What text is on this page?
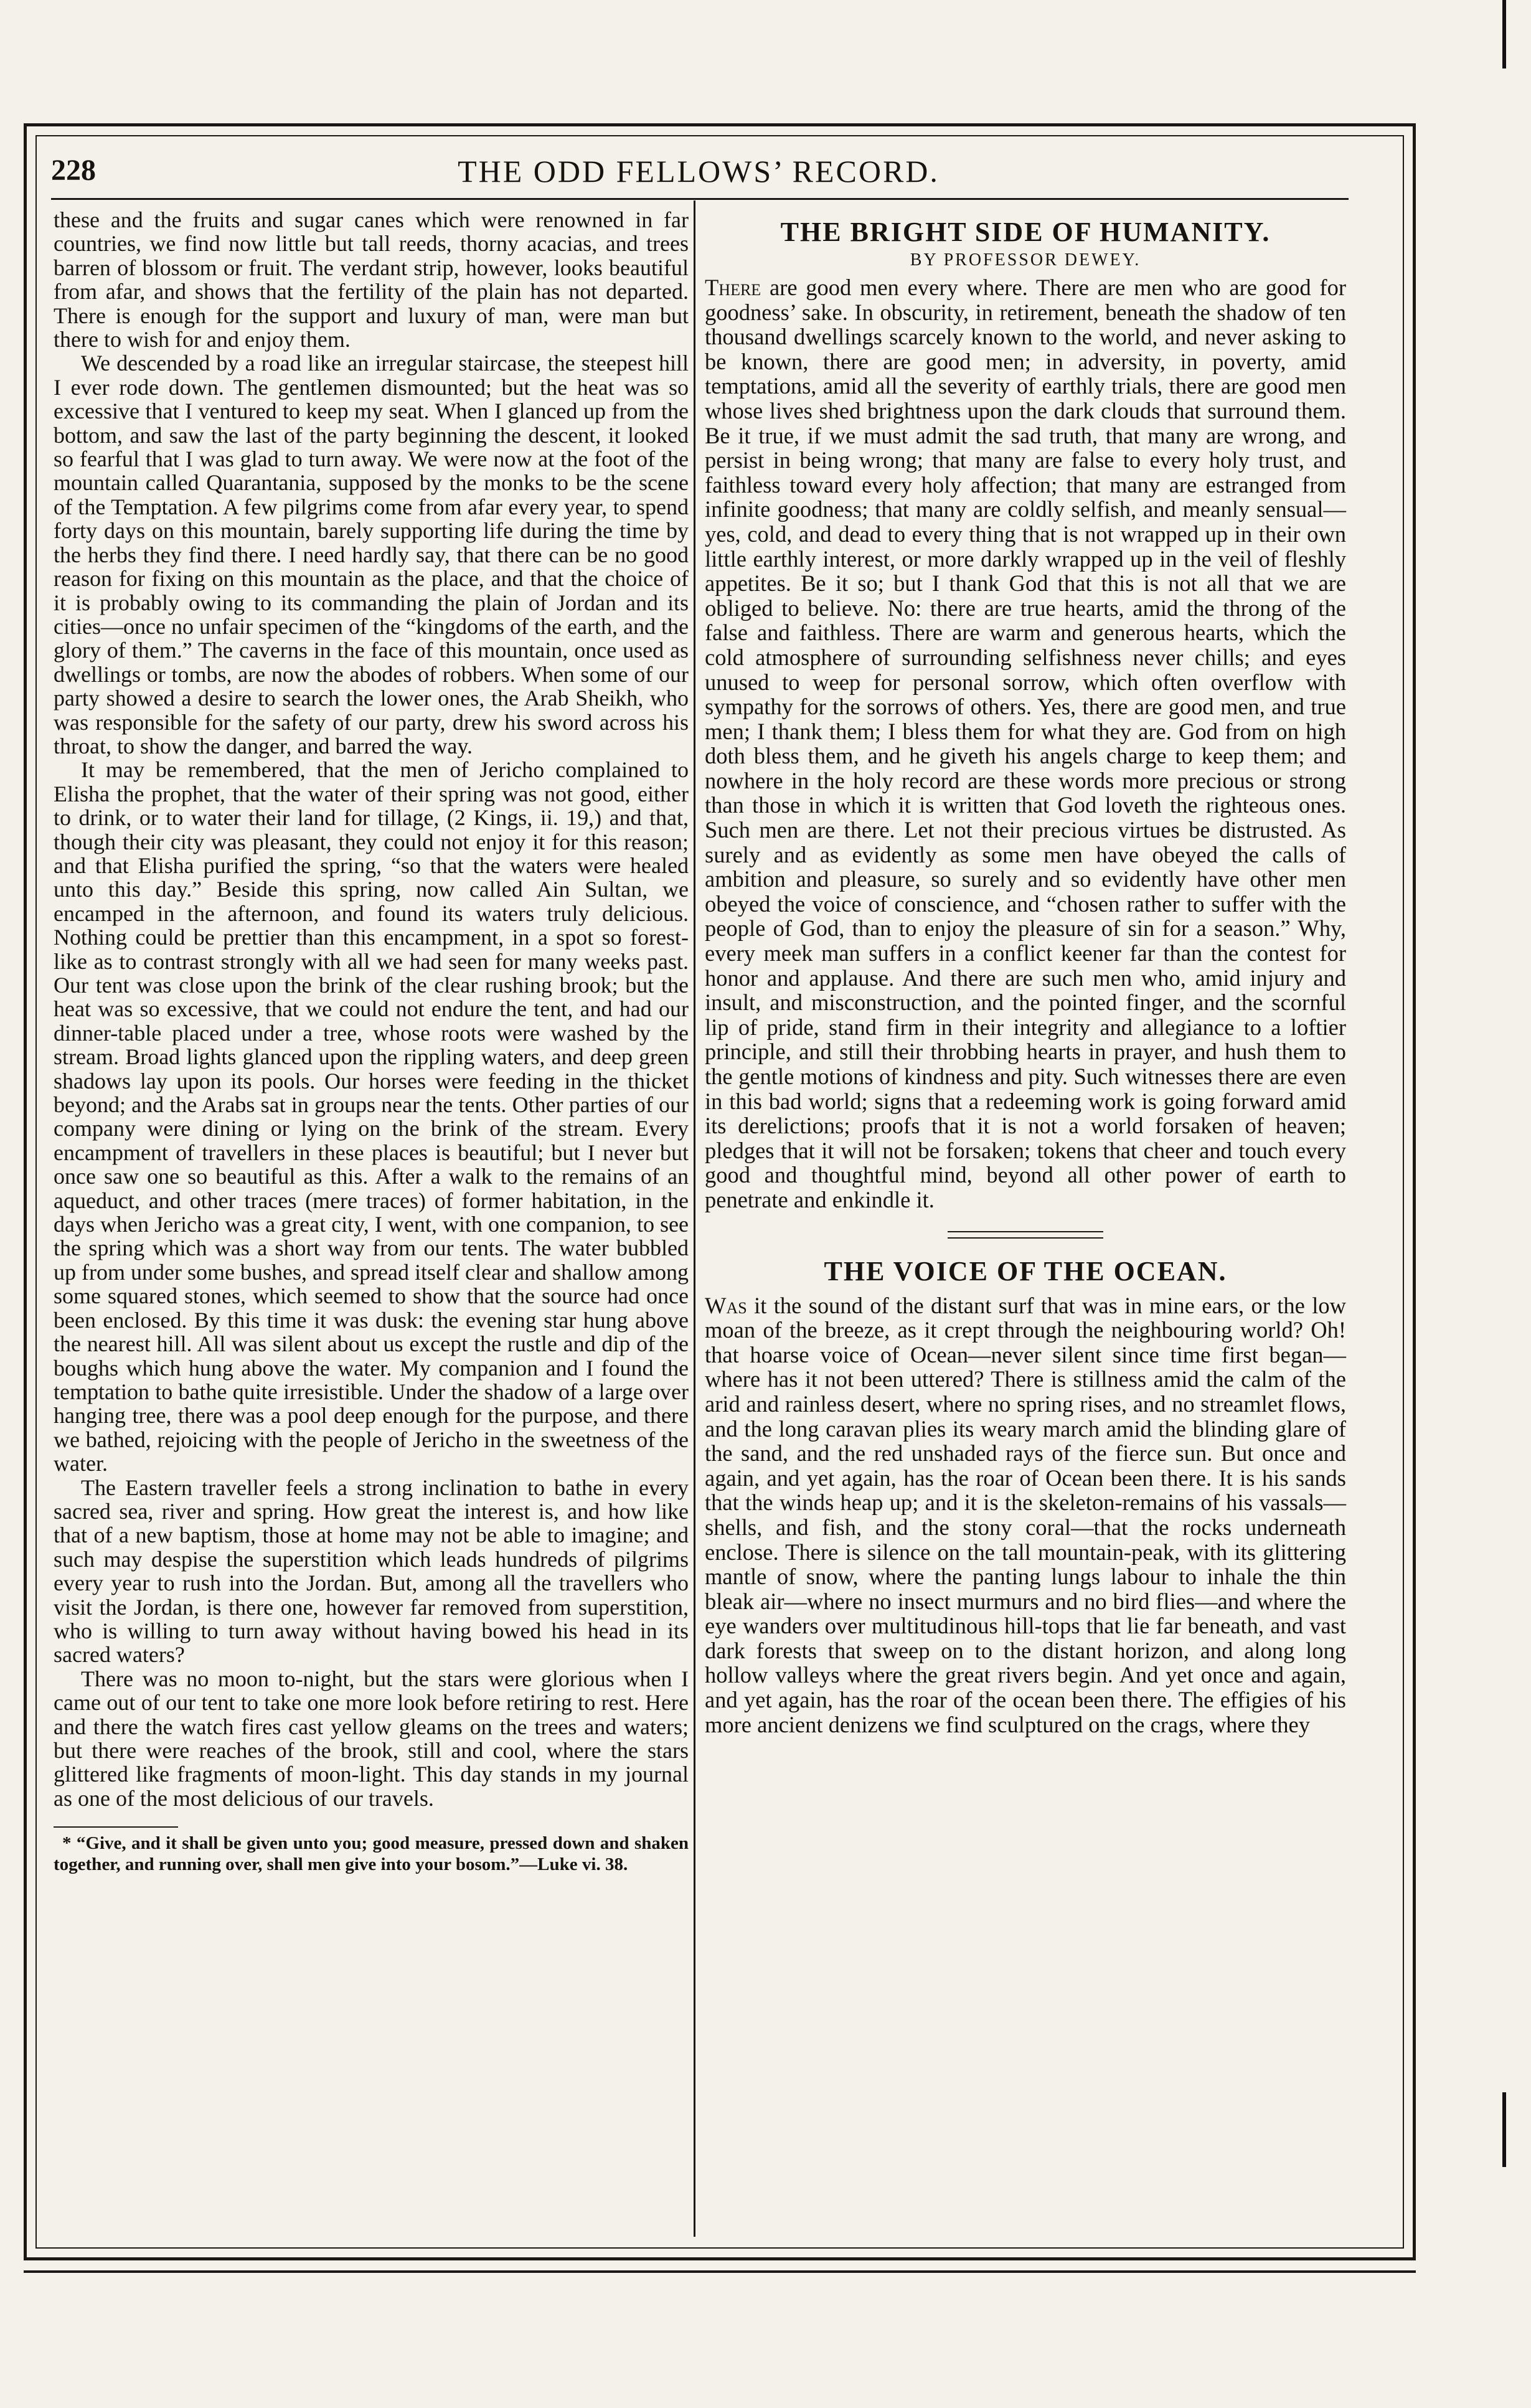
228	THE ODD FELLOWS’ RECORD.

these and the fruits and sugar canes which were renowned in far countries, we find now little but tall reeds, thorny acacias, and trees barren of blossom or fruit. The verdant strip, however, looks beautiful from afar, and shows that the fertility of the plain has not departed. There is enough for the support and luxury of man, were man but there to wish for and enjoy them.

We descended by a road like an irregular staircase, the steepest hill I ever rode down. The gentlemen dismounted; but the heat was so excessive that I ventured to keep my seat. When I glanced up from the bottom, and saw the last of the party beginning the descent, it looked so fearful that I was glad to turn away. We were now at the foot of the mountain called Quarantania, supposed by the monks to be the scene of the Temptation. A few pilgrims come from afar every year, to spend forty days on this mountain, barely supporting life during the time by the herbs they find there. I need hardly say, that there can be no good reason for fixing on this mountain as the place, and that the choice of it is probably owing to its commanding the plain of Jordan and its cities—once no unfair specimen of the “kingdoms of the earth, and the glory of them.” The caverns in the face of this mountain, once used as dwellings or tombs, are now the abodes of robbers. When some of our party showed a desire to search the lower ones, the Arab Sheikh, who was responsible for the safety of our party, drew his sword across his throat, to show the danger, and barred the way.

It may be remembered, that the men of Jericho complained to Elisha the prophet, that the water of their spring was not good, either to drink, or to water their land for tillage, (2 Kings, ii. 19,) and that, though their city was pleasant, they could not enjoy it for this reason; and that Elisha purified the spring, “so that the waters were healed unto this day.” Beside this spring, now called Ain Sultan, we encamped in the afternoon, and found its waters truly delicious. Nothing could be prettier than this encampment, in a spot so forest-like as to contrast strongly with all we had seen for many weeks past. Our tent was close upon the brink of the clear rushing brook; but the heat was so excessive, that we could not endure the tent, and had our dinner-table placed under a tree, whose roots were washed by the stream. Broad lights glanced upon the rippling waters, and deep green shadows lay upon its pools. Our horses were feeding in the thicket beyond; and the Arabs sat in groups near the tents. Other parties of our company were dining or lying on the brink of the stream. Every encampment of travellers in these places is beautiful; but I never but once saw one so beautiful as this. After a walk to the remains of an aqueduct, and other traces (mere traces) of former habitation, in the days when Jericho was a great city, I went, with one companion, to see the spring which was a short way from our tents. The water bubbled up from under some bushes, and spread itself clear and shallow among some squared stones, which seemed to show that the source had once been enclosed. By this time it was dusk: the evening star hung above the nearest hill. All was silent about us except the rustle and dip of the boughs which hung above the water. My companion and I found the temptation to bathe quite irresistible. Under the shadow of a large over hanging tree, there was a pool deep enough for the purpose, and there we bathed, rejoicing with the people of Jericho in the sweetness of the water.

The Eastern traveller feels a strong inclination to bathe in every sacred sea, river and spring. How great the interest is, and how like that of a new baptism, those at home may not be able to imagine; and such may despise the superstition which leads hundreds of pilgrims every year to rush into the Jordan. But, among all the travellers who visit the Jordan, is there one, however far removed from superstition, who is willing to turn away without having bowed his head in its sacred waters?

There was no moon to-night, but the stars were glorious when I came out of our tent to take one more look before retiring to rest. Here and there the watch fires cast yellow gleams on the trees and waters; but there were reaches of the brook, still and cool, where the stars glittered like fragments of moon-light. This day stands in my journal as one of the most delicious of our travels.

* “Give, and it shall be given unto you; good measure, pressed down and shaken together, and running over, shall men give into your bosom.”—Luke vi. 38.

THE BRIGHT SIDE OF HUMANITY.
BY PROFESSOR DEWEY.

There are good men every where. There are men who are good for goodness’ sake. In obscurity, in retirement, beneath the shadow of ten thousand dwellings scarcely known to the world, and never asking to be known, there are good men; in adversity, in poverty, amid temptations, amid all the severity of earthly trials, there are good men whose lives shed brightness upon the dark clouds that surround them. Be it true, if we must admit the sad truth, that many are wrong, and persist in being wrong; that many are false to every holy trust, and faithless toward every holy affection; that many are estranged from infinite goodness; that many are coldly selfish, and meanly sensual—yes, cold, and dead to every thing that is not wrapped up in their own little earthly interest, or more darkly wrapped up in the veil of fleshly appetites. Be it so; but I thank God that this is not all that we are obliged to believe. No: there are true hearts, amid the throng of the false and faithless. There are warm and generous hearts, which the cold atmosphere of surrounding selfishness never chills; and eyes unused to weep for personal sorrow, which often overflow with sympathy for the sorrows of others. Yes, there are good men, and true men; I thank them; I bless them for what they are. God from on high doth bless them, and he giveth his angels charge to keep them; and nowhere in the holy record are these words more precious or strong than those in which it is written that God loveth the righteous ones. Such men are there. Let not their precious virtues be distrusted. As surely and as evidently as some men have obeyed the calls of ambition and pleasure, so surely and so evidently have other men obeyed the voice of conscience, and “chosen rather to suffer with the people of God, than to enjoy the pleasure of sin for a season.” Why, every meek man suffers in a conflict keener far than the contest for honor and applause. And there are such men who, amid injury and insult, and misconstruction, and the pointed finger, and the scornful lip of pride, stand firm in their integrity and allegiance to a loftier principle, and still their throbbing hearts in prayer, and hush them to the gentle motions of kindness and pity. Such witnesses there are even in this bad world; signs that a redeeming work is going forward amid its derelictions; proofs that it is not a world forsaken of heaven; pledges that it will not be forsaken; tokens that cheer and touch every good and thoughtful mind, beyond all other power of earth to penetrate and enkindle it.

THE VOICE OF THE OCEAN.

Was it the sound of the distant surf that was in mine ears, or the low moan of the breeze, as it crept through the neighbouring world? Oh! that hoarse voice of Ocean—never silent since time first began—where has it not been uttered? There is stillness amid the calm of the arid and rainless desert, where no spring rises, and no streamlet flows, and the long caravan plies its weary march amid the blinding glare of the sand, and the red unshaded rays of the fierce sun. But once and again, and yet again, has the roar of Ocean been there. It is his sands that the winds heap up; and it is the skeleton-remains of his vassals—shells, and fish, and the stony coral—that the rocks underneath enclose. There is silence on the tall mountain-peak, with its glittering mantle of snow, where the panting lungs labour to inhale the thin bleak air—where no insect murmurs and no bird flies—and where the eye wanders over multitudinous hill-tops that lie far beneath, and vast dark forests that sweep on to the distant horizon, and along long hollow valleys where the great rivers begin. And yet once and again, and yet again, has the roar of the ocean been there. The effigies of his more ancient denizens we find sculptured on the crags, where they
